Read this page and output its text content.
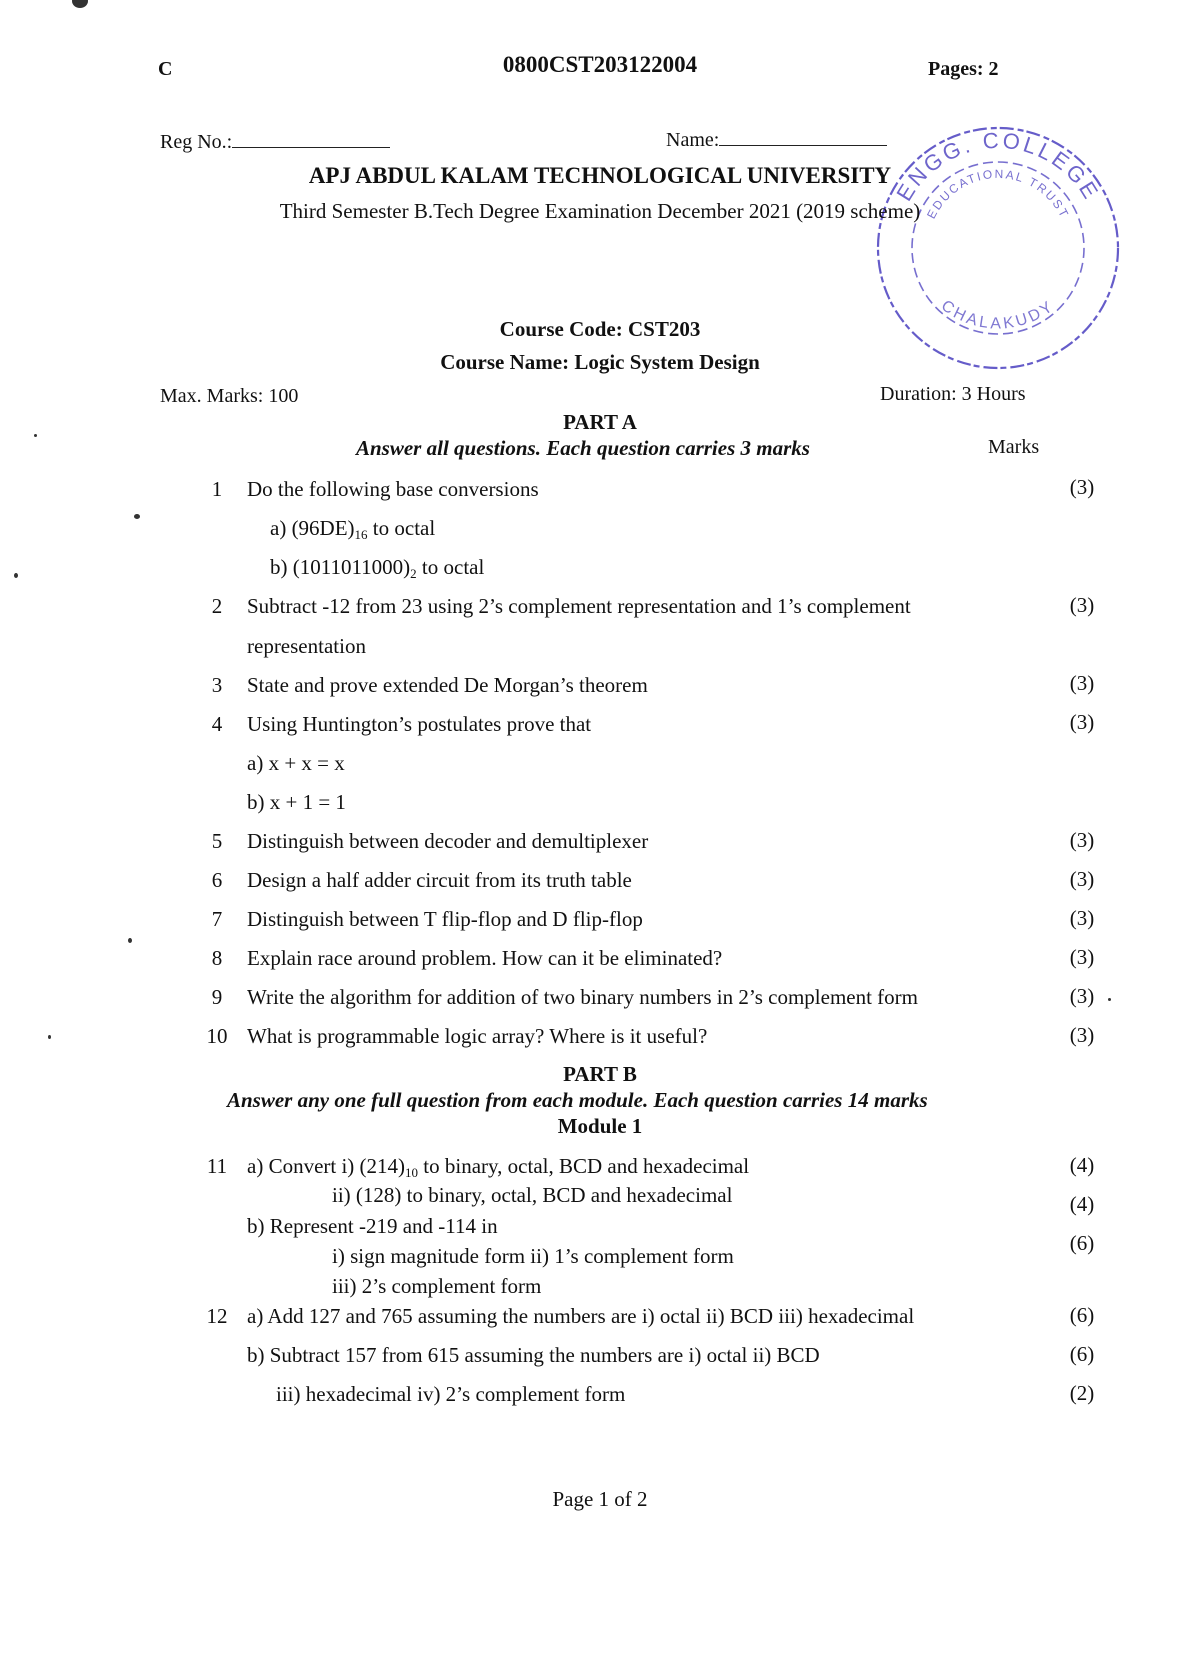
C	0800CST203122004	Pages: 2
Reg No.:	Name:
ENGG. COLLEGE
EDUCATIONAL TRUST
CHALAKUDY
APJ ABDUL KALAM TECHNOLOGICAL UNIVERSITY
Third Semester B.Tech Degree Examination December 2021 (2019 scheme)
Course Code: CST203
Course Name: Logic System Design
Max. Marks: 100	Duration: 3 Hours
PART A
Answer all questions. Each question carries 3 marks	Marks
1	Do the following base conversions	(3)
a) $(96DE)_{16}$ to octal
b) $(1011011000)_2$ to octal
2	Subtract -12 from 23 using 2’s complement representation and 1’s complement	(3)
representation
3	State and prove extended De Morgan’s theorem	(3)
4	Using Huntington’s postulates prove that	(3)
a) x + x = x
b) x + 1 = 1
5	Distinguish between decoder and demultiplexer	(3)
6	Design a half adder circuit from its truth table	(3)
7	Distinguish between T flip-flop and D flip-flop	(3)
8	Explain race around problem. How can it be eliminated?	(3)
9	Write the algorithm for addition of two binary numbers in 2’s complement form	(3)
10 What is programmable logic array? Where is it useful?	(3)
PART B
Answer any one full question from each module. Each question carries 14 marks
Module 1
11 a) Convert i) $(214)_{10}$ to binary, octal, BCD and hexadecimal	(4)
ii) (128) to binary, octal, BCD and hexadecimal	(4)
b) Represent -219 and -114 in
i) sign magnitude form ii) 1’s complement form
(6)
iii) 2’s complement form
12 a) Add 127 and 765 assuming the numbers are i) octal ii) BCD iii) hexadecimal	(6)
b) Subtract 157 from 615 assuming the numbers are i) octal ii) BCD	(6)
iii) hexadecimal iv) 2’s complement form	(2)
Page 1 of 2
